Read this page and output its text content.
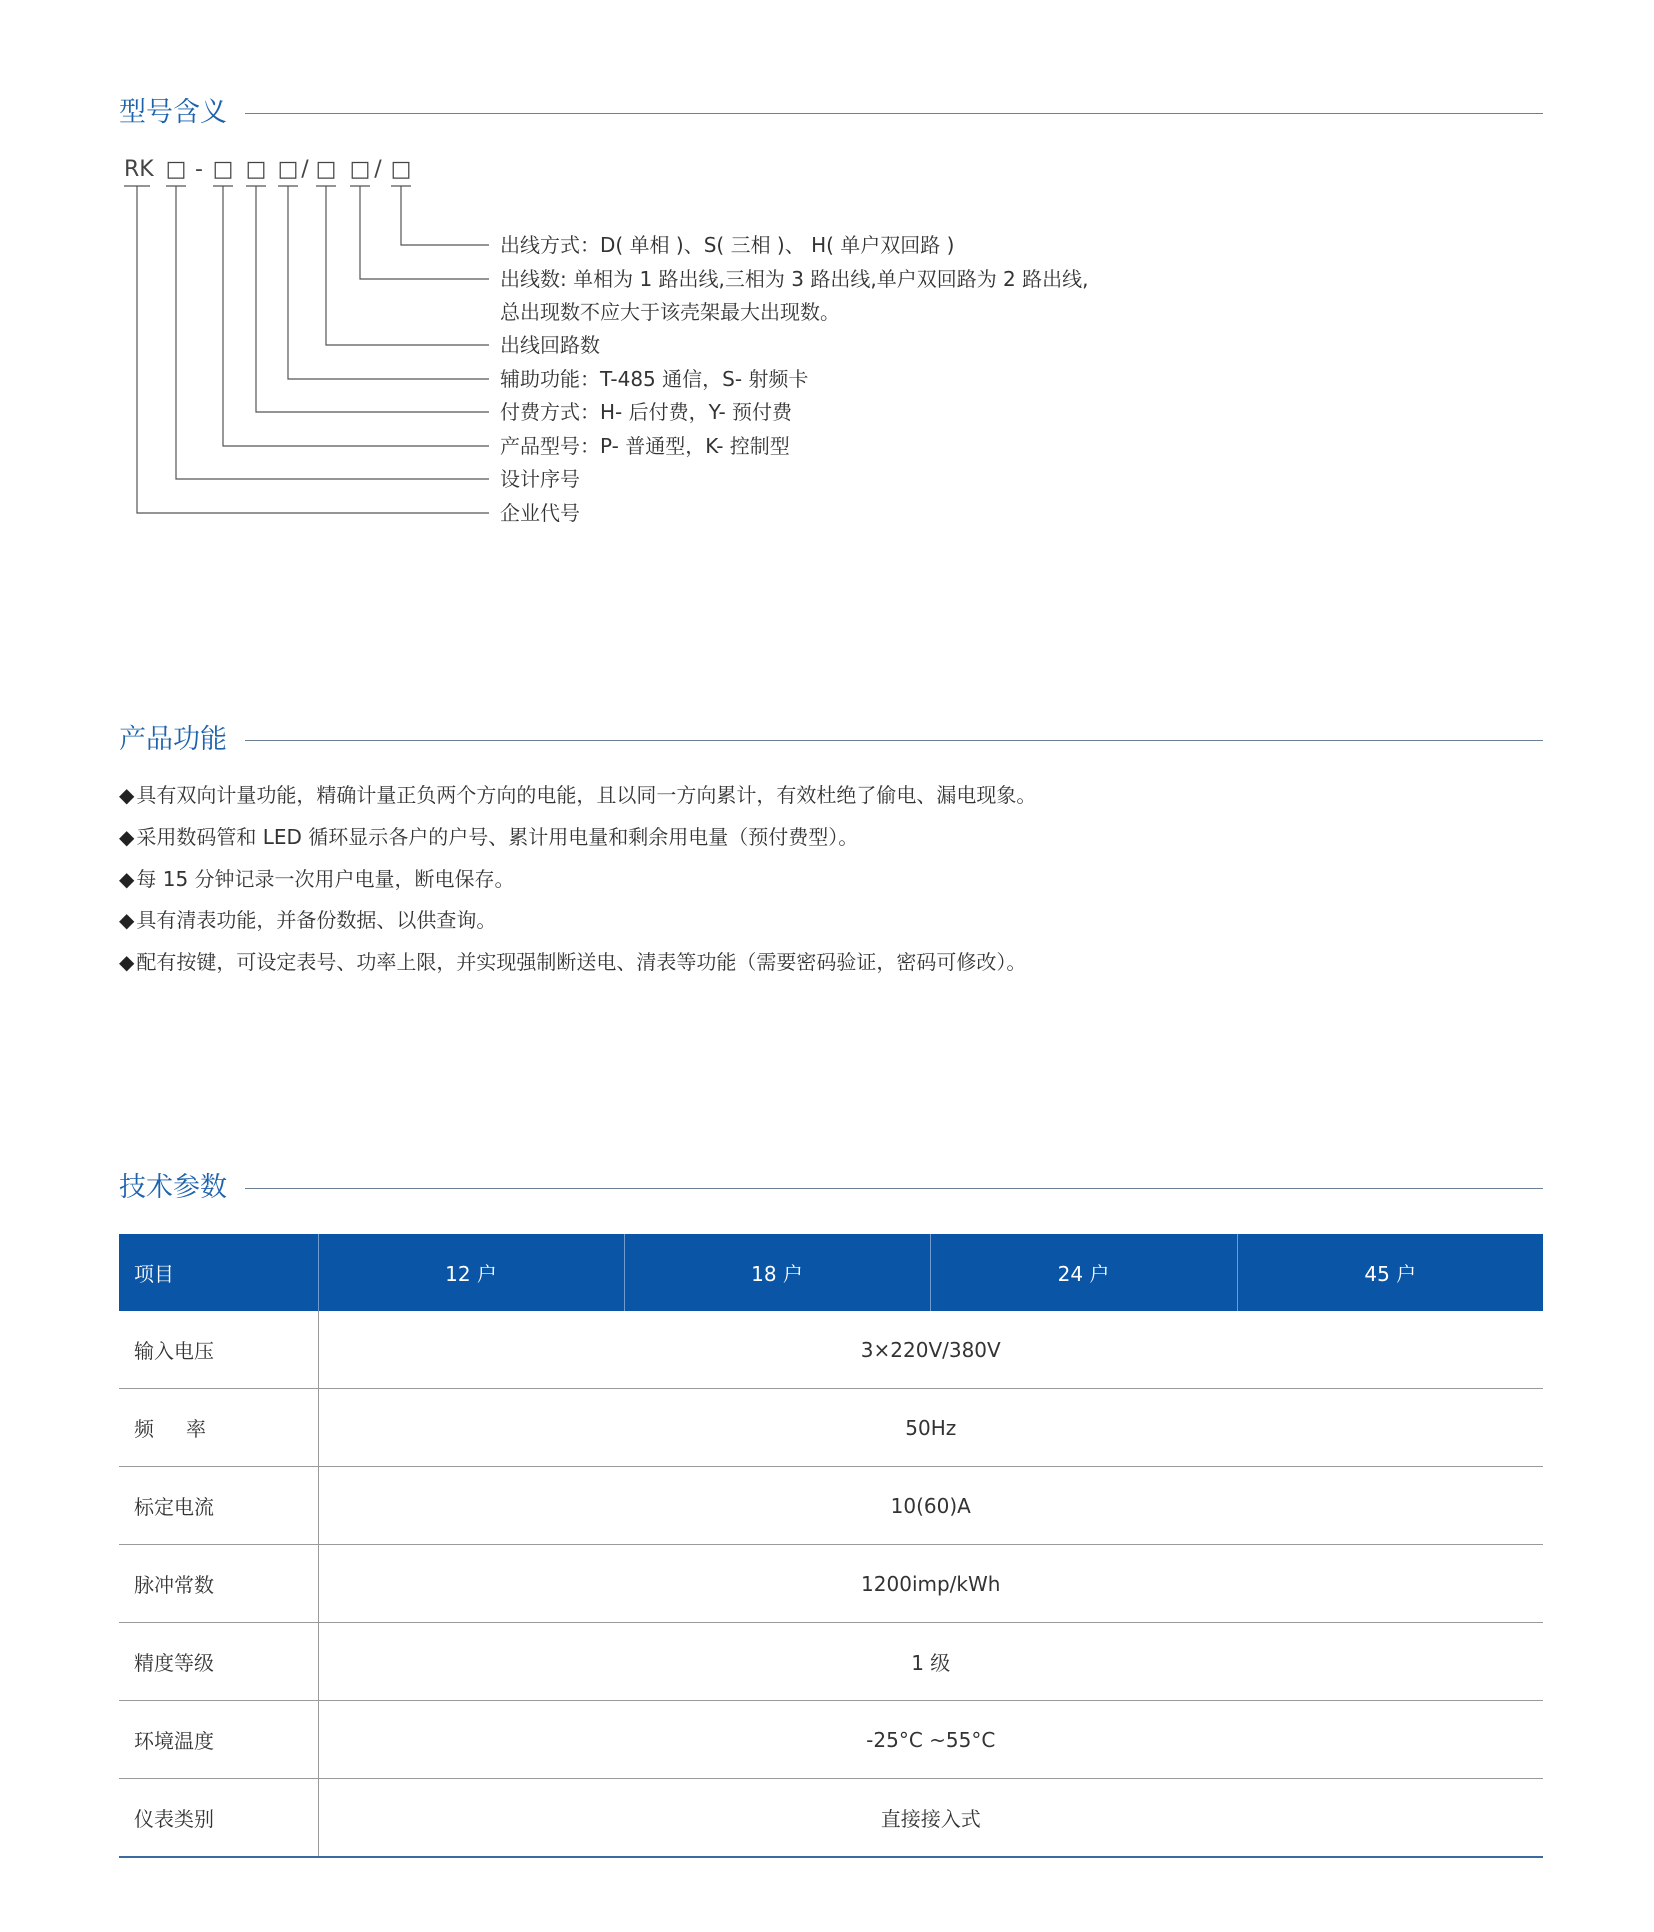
型号含义
RK □ - □ □ □ / □ □ / □
出线方式：D( 单相 )、S( 三相 )、 H( 单户双回路 )
出线数: 单相为 1 路出线,三相为 3 路出线,单户双回路为 2 路出线,
总出现数不应大于该壳架最大出现数。
出线回路数
辅助功能：T-485 通信，S- 射频卡
付费方式：H- 后付费，Y- 预付费
产品型号：P- 普通型，K- 控制型
设计序号
企业代号
产品功能
◆ 具有双向计量功能，精确计量正负两个方向的电能，且以同一方向累计，有效杜绝了偷电、漏电现象。
◆ 采用数码管和 LED 循环显示各户的户号、累计用电量和剩余用电量（预付费型）。
◆ 每 15 分钟记录一次用户电量，断电保存。
◆ 具有清表功能，并备份数据、以供查询。
◆ 配有按键，可设定表号、功率上限，并实现强制断送电、清表等功能（需要密码验证，密码可修改）。
技术参数
项目	12 户	18 户	24 户	45 户
输入电压	3×220V/380V			
频　率	50Hz			
标定电流	10(60)A			
脉冲常数	1200imp/kWh			
精度等级	1 级			
环境温度	-25°C ~55°C			
仪表类别	直接接入式			
